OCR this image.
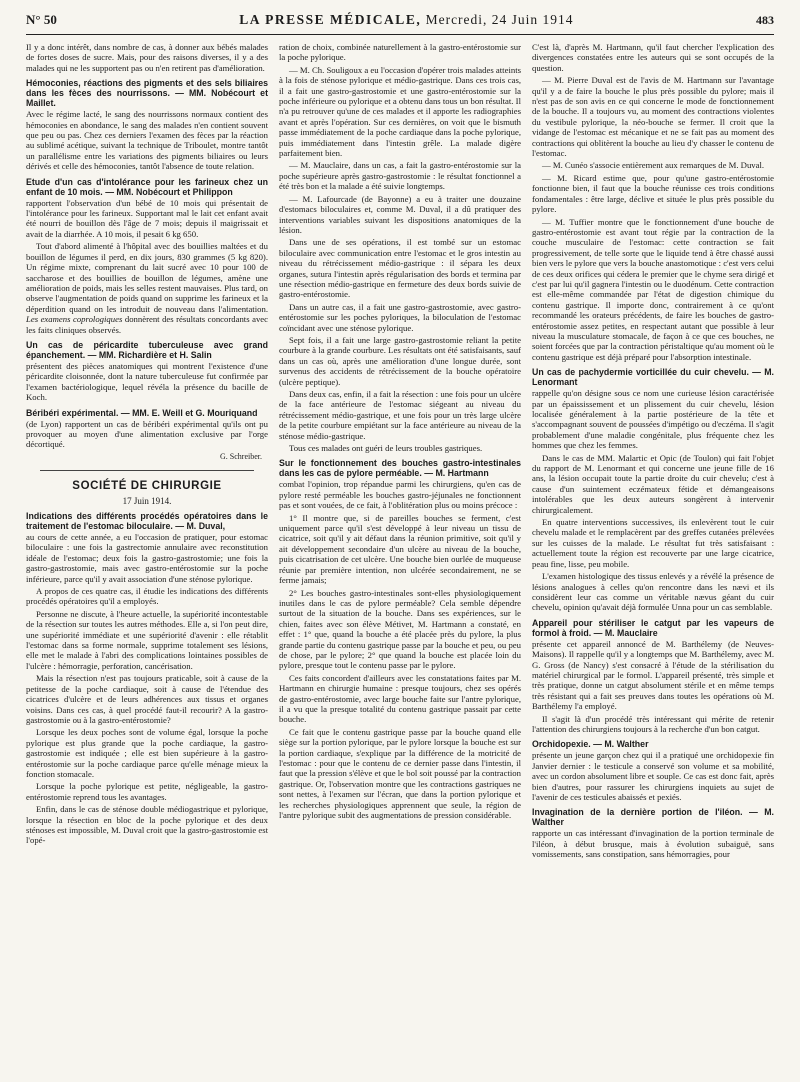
N° 50	LA PRESSE MÉDICALE, Mercredi, 24 Juin 1914	483

Il y a donc intérêt, dans nombre de cas, à donner aux bébés malades de fortes doses de sucre. Mais, pour des raisons diverses, il y a des malades qui ne les supportent pas ou n'en retirent pas d'amélioration.

Hémoconies, réactions des pigments et des sels biliaires dans les fèces des nourrissons. — MM. Nobécourt et Maillet.

Avec le régime lacté, le sang des nourrissons normaux contient des hémoconies en abondance, le sang des malades n'en contient souvent que peu ou pas. Chez ces derniers l'examen des fèces par la réaction au sublimé acétique, suivant la technique de Triboulet, montre tantôt un parallélisme entre les variations des pigments biliaires ou leurs dérivés et celle des hémoconies, tantôt l'absence de toute relation.

Etude d'un cas d'intolérance pour les farineux chez un enfant de 10 mois. — MM. Nobécourt et Philippon

rapportent l'observation d'un bébé de 10 mois qui présentait de l'intolérance pour les farineux. Supportant mal le lait cet enfant avait été nourri de bouillon dès l'âge de 7 mois; depuis il maigrissait et avait de la diarrhée. A 10 mois, il pesait 6 kg 650.

Tout d'abord alimenté à l'hôpital avec des bouillies maltées et du bouillon de légumes il perd, en dix jours, 830 grammes (5 kg 820). Un régime mixte, comprenant du lait sucré avec 10 pour 100 de saccharose et des bouillies de bouillon de légumes, amène une amélioration de poids, mais les selles restent mauvaises. Plus tard, on observe l'augmentation de poids quand on supprime les farineux et la déperdition quand on les introduit de nouveau dans l'alimentation. Les examens coprologiques donnèrent des résultats concordants avec les faits cliniques observés.

Un cas de péricardite tuberculeuse avec grand épanchement. — MM. Richardière et H. Salin

présentent des pièces anatomiques qui montrent l'existence d'une péricardite cloisonnée, dont la nature tuberculeuse fut confirmée par l'examen bactériologique, lequel révéla la présence du bacille de Koch.

Béribéri expérimental. — MM. E. Weill et G. Mouriquand

(de Lyon) rapportent un cas de béribéri expérimental qu'ils ont pu provoquer au moyen d'une alimentation exclusive par l'orge décortiqué.

G. Schreiber.
SOCIÉTÉ DE CHIRURGIE
17 Juin 1914.
Indications des différents procédés opératoires dans le traitement de l'estomac biloculaire. — M. Duval,

au cours de cette année, a eu l'occasion de pratiquer, pour estomac biloculaire : une fois la gastrectomie annulaire avec reconstitution idéale de l'estomac; deux fois la gastro-gastrostomie; une fois la gastro-gastrostomie, mais avec gastro-entérostomie sur la poche inférieure, parce qu'il y avait association d'une sténose pylorique.

A propos de ces quatre cas, il étudie les indications des différents procédés opératoires qu'il a employés.

Personne ne discute, à l'heure actuelle, la supériorité incontestable de la résection sur toutes les autres méthodes. Elle a, si l'on peut dire, une supériorité immédiate et une supériorité d'avenir : elle rétablit l'estomac dans sa forme normale, supprime totalement ses lésions, elle met le malade à l'abri des complications lointaines possibles de l'ulcère : hémorragie, perforation, cancérisation.

Mais la résection n'est pas toujours praticable, soit à cause de la petitesse de la poche cardiaque, soit à cause de l'étendue des cicatrices d'ulcère et de leurs adhérences aux tissus et organes voisins. Dans ces cas, à quel procédé faut-il recourir? A la gastro-gastrostomie ou à la gastro-entérostomie?

Lorsque les deux poches sont de volume égal, lorsque la poche pylorique est plus grande que la poche cardiaque, la gastro-gastrostomie est indiquée ; elle est bien supérieure à la gastro-entérostomie sur la poche cardiaque parce qu'elle ménage mieux la fonction stomacale.

Lorsque la poche pylorique est petite, négligeable, la gastro-entérostomie reprend tous les avantages.

Enfin, dans le cas de sténose double médiogastrique et pylorique, lorsque la résection en bloc de la poche pylorique et des deux sténoses est impossible, M. Duval croit que la gastro-gastrostomie est l'opé-

ration de choix, combinée naturellement à la gastro-entérostomie sur la poche pylorique.

— M. Ch. Souligoux a eu l'occasion d'opérer trois malades atteints à la fois de sténose pylorique et médio-gastrique. Dans ces trois cas, il a fait une gastro-gastrostomie et une gastro-entérostomie sur la poche inférieure ou pylorique et a obtenu dans tous un bon résultat. Il n'a pu retrouver qu'une de ces malades et il apporte les radiographies avant et après l'opération. Sur ces dernières, on voit que le bismuth passe immédiatement de la poche cardiaque dans la poche pylorique, puis immédiatement dans l'intestin grêle. La malade digère parfaitement bien.

— M. Mauclaire, dans un cas, a fait la gastro-entérostomie sur la poche supérieure après gastro-gastrostomie : le résultat fonctionnel a été très bon et la malade a été suivie longtemps.

— M. Lafourcade (de Bayonne) a eu à traiter une douzaine d'estomacs biloculaires et, comme M. Duval, il a dû pratiquer des interventions variables suivant les dispositions anatomiques de la lésion.

Dans une de ses opérations, il est tombé sur un estomac biloculaire avec communication entre l'estomac et le gros intestin au niveau du rétrécissement médio-gastrique : il sépara les deux organes, sutura l'intestin après régularisation des bords et termina par une résection médio-gastrique en fermeture des deux bords suivie de gastro-entérostomie.

Dans un autre cas, il a fait une gastro-gastrostomie, avec gastro-entérostomie sur les poches pyloriques, la biloculation de l'estomac coïncidant avec une sténose pylorique.

Sept fois, il a fait une large gastro-gastrostomie reliant la petite courbure à la grande courbure. Les résultats ont été satisfaisants, sauf dans un cas où, après une amélioration d'une longue durée, sont survenus des accidents de rétrécissement de la bouche opératoire (ulcère peptique).

Dans deux cas, enfin, il a fait la résection : une fois pour un ulcère de la face antérieure de l'estomac siégeant au niveau du rétrécissement médio-gastrique, et une fois pour un très large ulcère de la petite courbure empiétant sur la face antérieure au niveau de la sténose médio-gastrique.

Tous ces malades ont guéri de leurs troubles gastriques.

Sur le fonctionnement des bouches gastro-intestinales dans les cas de pylore perméable. — M. Hartmann

combat l'opinion, trop répandue parmi les chirurgiens, qu'en cas de pylore resté perméable les bouches gastro-jéjunales ne fonctionnent pas et sont vouées, de ce fait, à l'oblitération plus ou moins précoce :

1° Il montre que, si de pareilles bouches se ferment, c'est uniquement parce qu'il s'est développé à leur niveau un tissu de cicatrice, soit qu'il y ait défaut dans la réunion primitive, soit qu'il y ait développement secondaire d'un ulcère au niveau de la bouche, puis cicatrisation de cet ulcère. Une bouche bien ourlée de muqueuse réunie par première intention, non ulcérée secondairement, ne se ferme jamais;

2° Les bouches gastro-intestinales sont-elles physiologiquement inutiles dans le cas de pylore perméable? Cela semble dépendre surtout de la situation de la bouche. Dans ses expériences, sur le chien, faites avec son élève Métivet, M. Hartmann a constaté, en effet : 1° que, quand la bouche a été placée près du pylore, la plus grande partie du contenu gastrique passe par la bouche et peu, ou peu de chose, par le pylore; 2° que quand la bouche est placée loin du pylore, presque tout le contenu passe par le pylore.

Ces faits concordent d'ailleurs avec les constatations faites par M. Hartmann en chirurgie humaine : presque toujours, chez ses opérés de gastro-entérostomie, avec large bouche faite sur l'antre pylorique, il a vu que la presque totalité du contenu gastrique passait par cette bouche.

Ce fait que le contenu gastrique passe par la bouche quand elle siège sur la portion pylorique, par le pylore lorsque la bouche est sur la portion cardiaque, s'explique par la différence de la motricité de l'estomac : pour que le contenu de ce dernier passe dans l'intestin, il faut que la pression s'élève et que le bol soit poussé par la contraction gastrique. Or, l'observation montre que les contractions gastriques ne sont nettes, à l'examen sur l'écran, que dans la portion pylorique et les recherches physiologiques apprennent que seule, la région de l'antre pylorique subit des augmentations de pression considérable.

C'est là, d'après M. Hartmann, qu'il faut chercher l'explication des divergences constatées entre les auteurs qui se sont occupés de la question.

— M. Pierre Duval est de l'avis de M. Hartmann sur l'avantage qu'il y a de faire la bouche le plus près possible du pylore; mais il n'est pas de son avis en ce qui concerne le mode de fonctionnement de la bouche. Il a toujours vu, au moment des contractions violentes du vestibule pylorique, la néo-bouche se fermer. Il croit que la vidange de l'estomac est mécanique et ne se fait pas au moment des contractions qui oblitèrent la bouche au lieu d'y chasser le contenu de l'estomac.

— M. Cunéo s'associe entièrement aux remarques de M. Duval.

— M. Ricard estime que, pour qu'une gastro-entérostomie fonctionne bien, il faut que la bouche réunisse ces trois conditions fondamentales : être large, déclive et située le plus près possible du pylore.

— M. Tuffier montre que le fonctionnement d'une bouche de gastro-entérostomie est avant tout régie par la contraction de la couche musculaire de l'estomac: cette contraction se fait progressivement, de telle sorte que le liquide tend à être chassé aussi bien vers le pylore que vers la bouche anastomotique : c'est vers celui de ces deux orifices qui cédera le premier que le chyme sera dirigé et c'est par lui qu'il gagnera l'intestin ou le duodénum. Cette contraction est elle-même commandée par l'état de digestion chimique du contenu gastrique. Il importe donc, contrairement à ce qu'ont recommandé les orateurs précédents, de faire les bouches de gastro-entérostomie assez petites, en respectant autant que possible à leur niveau la musculature stomacale, de façon à ce que ces bouches, ne soient forcées que par la contraction péristaltique qu'au moment où le contenu gastrique est déjà préparé pour l'absorption intestinale.

Un cas de pachydermie vorticillée du cuir chevelu. — M. Lenormant

rappelle qu'on désigne sous ce nom une curieuse lésion caractérisée par un épaississement et un plissement du cuir chevelu, lésion localisée généralement à la partie postérieure de la tête et s'accompagnant souvent de poussées d'impétigo ou d'eczéma. Il s'agit probablement d'une maladie congénitale, plus fréquente chez les hommes que chez les femmes.

Dans le cas de MM. Malartic et Opic (de Toulon) qui fait l'objet du rapport de M. Lenormant et qui concerne une jeune fille de 16 ans, la lésion occupait toute la partie droite du cuir chevelu; c'est à cause d'un suintement eczémateux fétide et démangeaisons intolérables que les deux auteurs songèrent à intervenir chirurgicalement.

En quatre interventions successives, ils enlevèrent tout le cuir chevelu malade et le remplacèrent par des greffes cutanées prélevées sur les cuisses de la malade. Le résultat fut très satisfaisant : actuellement toute la région est recouverte par une large cicatrice, peau fine, lisse, peu mobile.

L'examen histologique des tissus enlevés y a révélé la présence de lésions analogues à celles qu'on rencontre dans les nævi et ils considèrent leur cas comme un véritable nævus géant du cuir chevelu, opinion qu'avait déjà formulée Unna pour un cas semblable.

Appareil pour stériliser le catgut par les vapeurs de formol à froid. — M. Mauclaire

présente cet appareil annoncé de M. Barthélemy (de Neuves-Maisons). Il rappelle qu'il y a longtemps que M. Barthélemy, avec M. G. Gross (de Nancy) s'est consacré à l'étude de la stérilisation du matériel chirurgical par le formol. L'appareil présenté, très simple et très pratique, donne un catgut absolument stérile et en même temps très résistant qui a fait ses preuves dans toutes les opérations où M. Barthélemy l'a employé.

Il s'agit là d'un procédé très intéressant qui mérite de retenir l'attention des chirurgiens toujours à la recherche d'un bon catgut.

Orchidopexie. — M. Walther

présente un jeune garçon chez qui il a pratiqué une orchidopexie fin Janvier dernier : le testicule a conservé son volume et sa mobilité, avec un cordon absolument libre et souple. Ce cas est donc fait, après bien d'autres, pour rassurer les chirurgiens inquiets au sujet de l'avenir de ces testicules abaissés et pexiés.

Invagination de la dernière portion de l'iléon. — M. Walther

rapporte un cas intéressant d'invagination de la portion terminale de l'iléon, à début brusque, mais à évolution subaiguë, sans vomissements, sans constipation, sans hémorragies, pour
